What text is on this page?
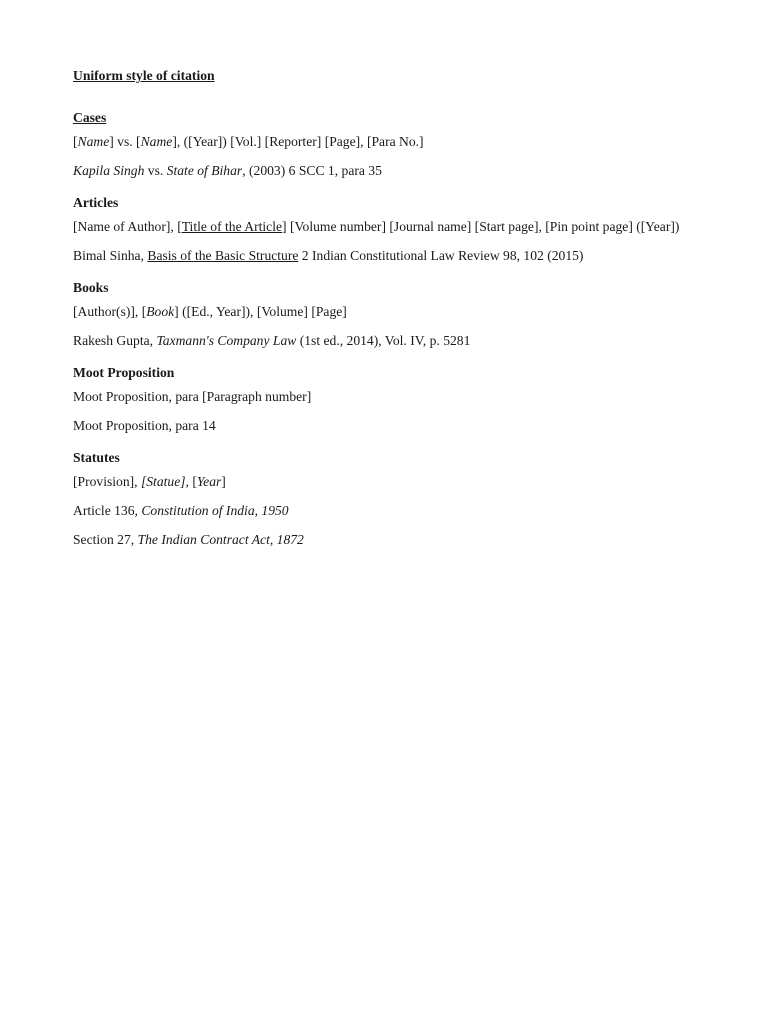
Uniform style of citation
Cases
[Name] vs. [Name], ([Year]) [Vol.] [Reporter] [Page], [Para No.]
Kapila Singh vs. State of Bihar, (2003) 6 SCC 1, para 35
Articles
[Name of Author], [Title of the Article] [Volume number] [Journal name] [Start page], [Pin point page] ([Year])
Bimal Sinha, Basis of the Basic Structure 2 Indian Constitutional Law Review 98, 102 (2015)
Books
[Author(s)], [Book] ([Ed., Year]), [Volume] [Page]
Rakesh Gupta, Taxmann's Company Law (1st ed., 2014), Vol. IV, p. 5281
Moot Proposition
Moot Proposition, para [Paragraph number]
Moot Proposition, para 14
Statutes
[Provision], [Statue], [Year]
Article 136, Constitution of India, 1950
Section 27, The Indian Contract Act, 1872
